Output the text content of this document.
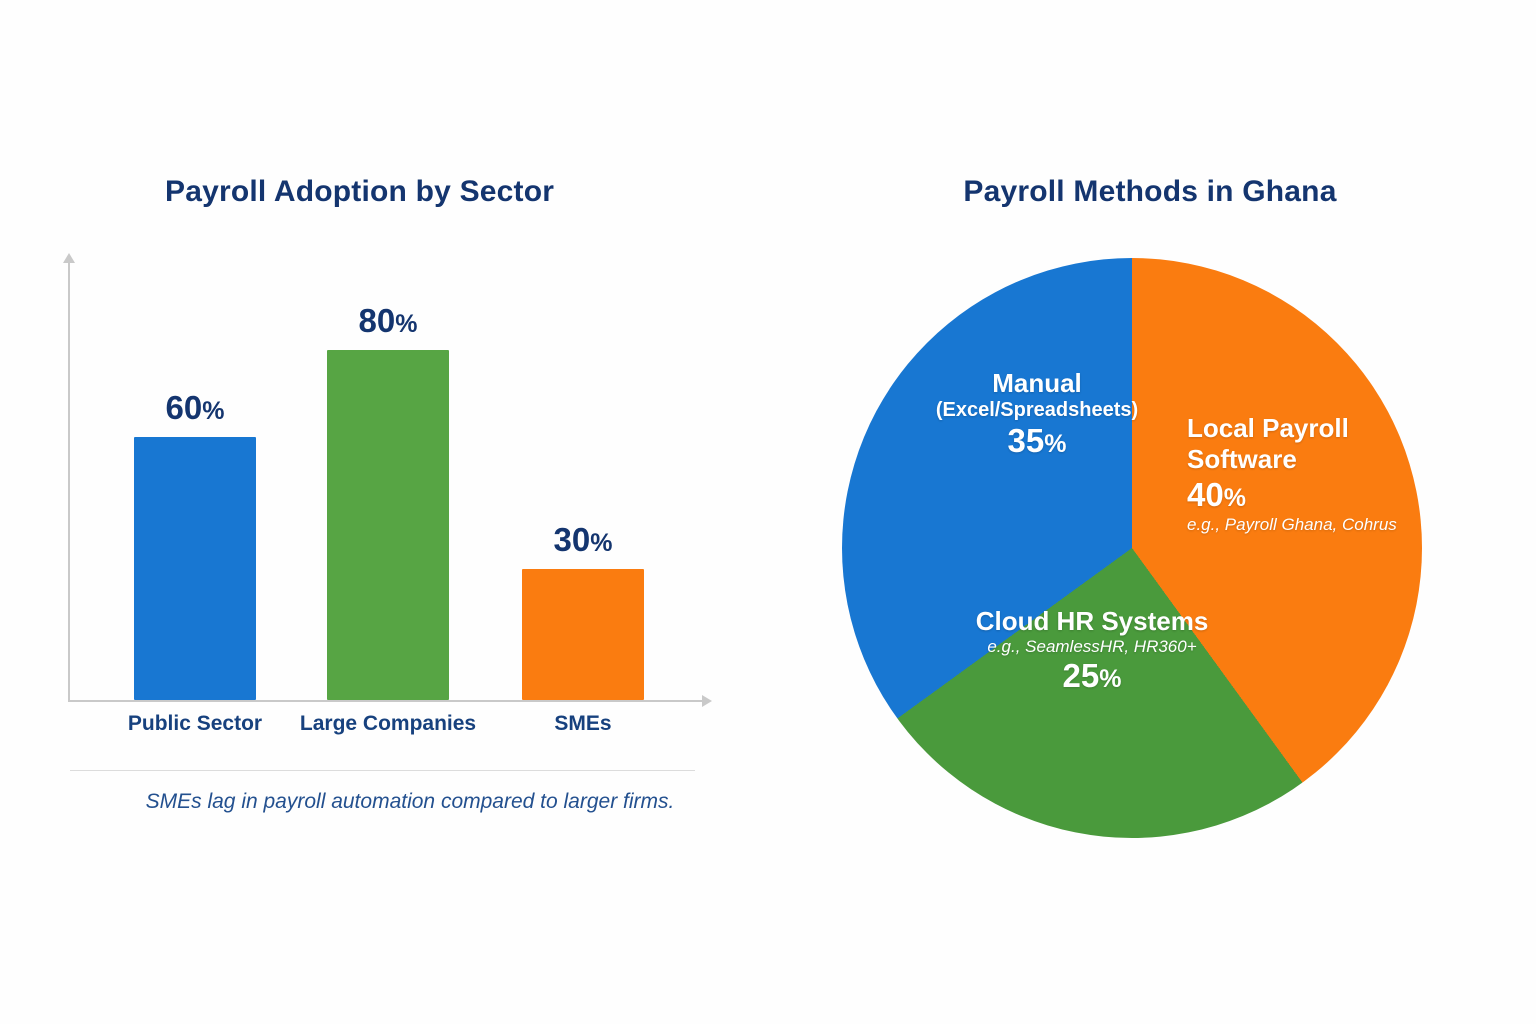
Payroll Adoption by Sector
60%
80%
30%
Public Sector	Large Companies	SMEs
SMEs lag in payroll automation compared to larger firms.
Payroll Methods in Ghana
Manual
(Excel/Spreadsheets)
35%
Local Payroll
Software
40%
e.g., Payroll Ghana, Cohrus
Cloud HR Systems
e.g., SeamlessHR, HR360+
25%
